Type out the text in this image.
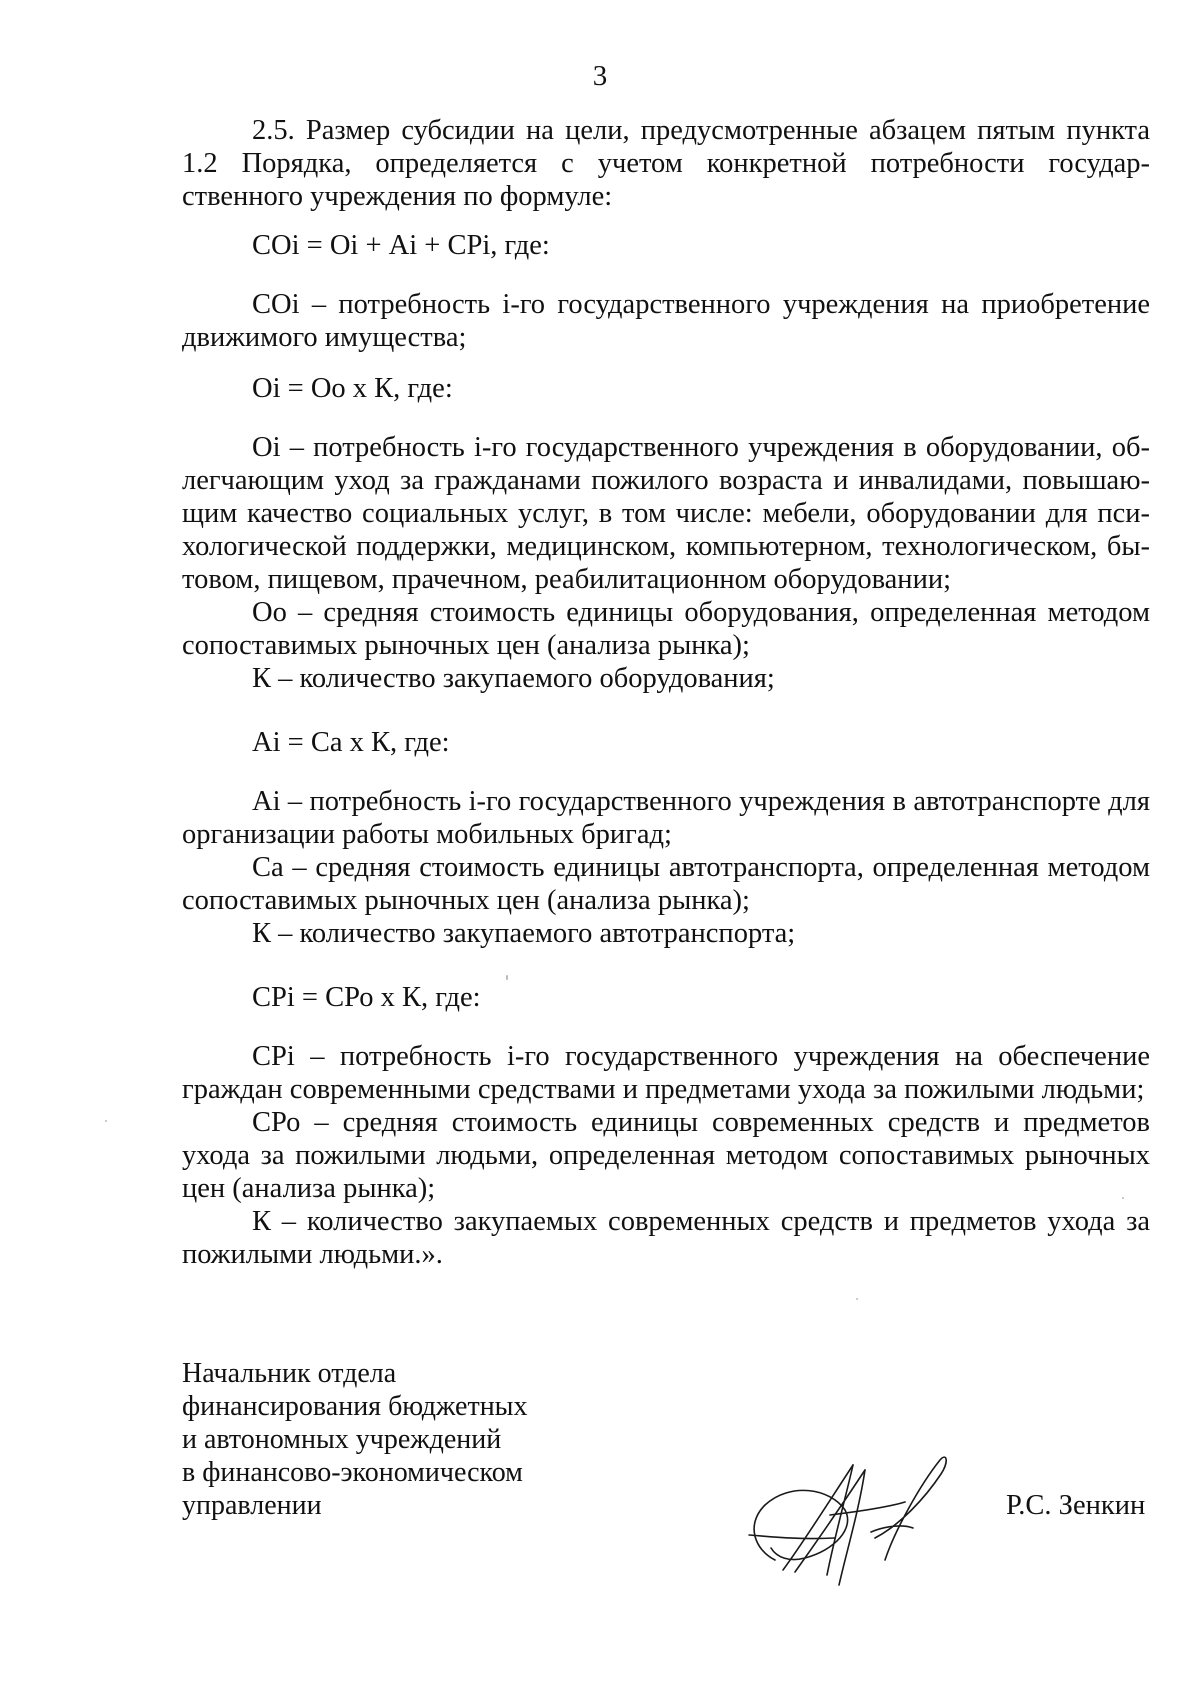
3

2.5. Размер субсидии на цели, предусмотренные абзацем пятым пункта 1.2 Порядка, определяется с учетом конкретной потребности государ-ственного учреждения по формуле:

СОi = Оi + Аi + СРi, где:

СОi – потребность i-го государственного учреждения на приобретение движимого имущества;

Оi = Оо х К, где:

Оi – потребность i-го государственного учреждения в оборудовании, об-легчающим уход за гражданами пожилого возраста и инвалидами, повышаю-щим качество социальных услуг, в том числе: мебели, оборудовании для пси-хологической поддержки, медицинском, компьютерном, технологическом, бы-товом, пищевом, прачечном, реабилитационном оборудовании;

Оо – средняя стоимость единицы оборудования, определенная методом сопоставимых рыночных цен (анализа рынка);

К – количество закупаемого оборудования;

Аi = Са х К, где:

Аi – потребность i-го государственного учреждения в автотранспорте для организации работы мобильных бригад;

Са – средняя стоимость единицы автотранспорта, определенная методом сопоставимых рыночных цен (анализа рынка);

К – количество закупаемого автотранспорта;

СРi = СРо х К, где:

СРi – потребность i-го государственного учреждения на обеспечение граждан современными средствами и предметами ухода за пожилыми людьми;

СРо – средняя стоимость единицы современных средств и предметов ухода за пожилыми людьми, определенная методом сопоставимых рыночных цен (анализа рынка);

К – количество закупаемых современных средств и предметов ухода за пожилыми людьми.».

Начальник отдела
финансирования бюджетных
и автономных учреждений
в финансово-экономическом
управлении	Р.С. Зенкин
